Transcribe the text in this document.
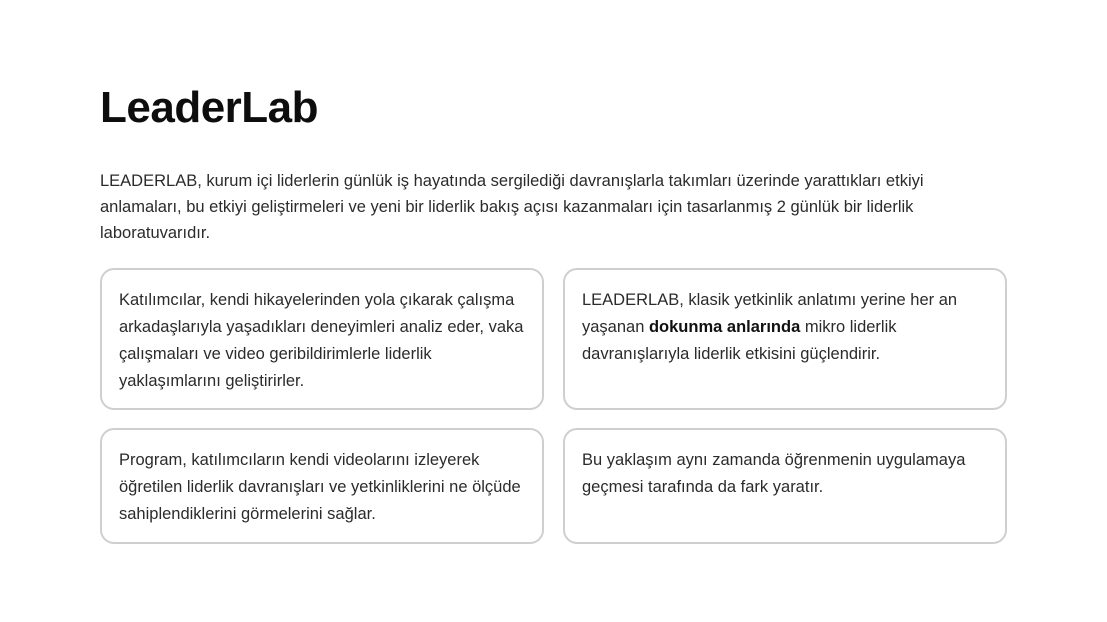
LeaderLab

LEADERLAB, kurum içi liderlerin günlük iş hayatında sergilediği davranışlarla takımları üzerinde yarattıkları etkiyi anlamaları, bu etkiyi geliştirmeleri ve yeni bir liderlik bakış açısı kazanmaları için tasarlanmış 2 günlük bir liderlik laboratuvarıdır.

Katılımcılar, kendi hikayelerinden yola çıkarak çalışma arkadaşlarıyla yaşadıkları deneyimleri analiz eder, vaka çalışmaları ve video geribildirimlerle liderlik yaklaşımlarını geliştirirler.
LEADERLAB, klasik yetkinlik anlatımı yerine her an yaşanan dokunma anlarında mikro liderlik davranışlarıyla liderlik etkisini güçlendirir.
Program, katılımcıların kendi videolarını izleyerek öğretilen liderlik davranışları ve yetkinliklerini ne ölçüde sahiplendiklerini görmelerini sağlar.
Bu yaklaşım aynı zamanda öğrenmenin uygulamaya geçmesi tarafında da fark yaratır.
